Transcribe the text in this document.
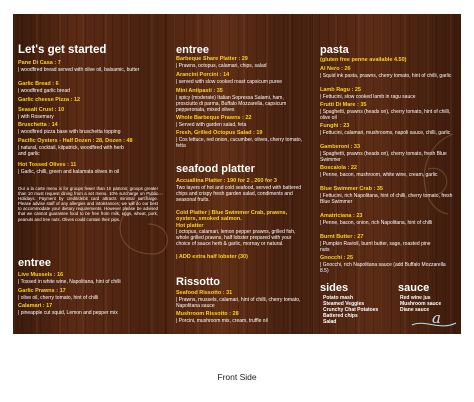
Let's get started
Pane Di Casa : 7
| woodfired bread served with olive oil, balsamic, butter
Garlic Bread : 6
| woodfired garlic bread
Garlic cheese Pizza : 12
Seasalt Crust : 10
| with Rosemary
Bruschetta : 14
| woodfired pizza base with bruschetta topping
Pacific Oysters - Half Dozen : 28, Dozen : 48
| natural, cocktail, kilpatrick, woodfired with herb and garlic
Hot Tossed Olives : 11
| Garlic, chilli, green and kalamata olives in oil
Our a la carte menu is for groups fewer than 10 patrons; groups greater than 10 must request dining from a set menu. 10% surcharge on Public Holidays. Payment by credit/debit card attracts minimal surcharge. Please advise staff of any allergies and intolerances; we will do our best to accommodate your dietary requirements. However please be advised that we cannot guarantee food to be free from milk, eggs, wheat, pork, peanuts and tree nuts. Olives could contain their pips.
entree
Live Mussels : 16
| Tossed in white wine, Napolitana, hint of chilli
Garlic Prawns : 17
| olive oil, cherry tomato, hint of chilli
Calamari : 17
| pineapple cut squid, Lemon and pepper mix
entree
Barbeque Share Platter : 29
| Prawns, octopus, calamari, chips, salad
Arancini Porcini : 14
| served with slow cooked roast capsicum puree
Mini Antipasti : 35
| spicy (moderate) Italian Sopressa Salami, ham, prosciutto di parma, Buffalo Mozzarella, capsicum pepperonata, mixed olives
Whole Barbeque Prawns : 22
| Served with garden salad, feta
Fresh, Grilled Octopus Salad : 19
| Cos lettuce, red onion, cucumber, olives, cherry tomato, fetta
seafood platter
Accuallina Platter : 190 for 2 , 260 for 3
Two layers of hot and cold seafood, served with battered chips and crispy fresh garden salad, condiments and seasonal fruits.
Cold Platter | Blue Swimmer Crab, prawns, oysters, smoked salmon.
Hot platter
| octopus, calamari, lemon pepper prawns, grilled fish, whole grilled prawns, half lobster prepared with your choice of sauce herb & garlic, mornay or natural.
| ADD extra half lobster (30)
Rissotto
Seafood Rissotto : 31
| Prawns, mussels, calamari, hint of chilli, cherry tomato, Napolitana sauce
Mushroom Rissotto : 28
| Porcini, mushroom mix, cream, truffle oil
pasta
(gluten free penne available 4.50)
Al Nero : 26
| Squid ink pasta, prawns, cherry tomato, hint of chilli, garlic
Lamb Ragu : 25
| Fettucini, slow cooked lamb in ragu sauce
Frutti Di Mare : 35
| Spaghetti, prawns (heads on), cherry tomato, hint of chilli, olive oil
Funghi : 23
| Fettucini, calamari, mushrooms, napoli sauce, chilli, garlic
Gamberoni : 33
| Spaghetti, prawns (heads on), cherry tomato, fresh Blue Swimmer
Boscaiola : 22
| Penne, bacon, mushroom, white wine, cream, garlic
Blue Swimmer Crab : 35
| Fettucini, rich Napolitana, hint of chilli, cherry tomato, fresh Blue Swimmer
Amatriciana : 23
| Penne, bacon, onion, rich Napolitana, hint of chilli
Burnt Butter : 27
| Pumpkin Ravioli, burnt butter, sage, roasted pine nuts
Gnocchi : 25
| Gnocchi, rich Napolitana sauce (add Buffalo Mozzarella 8.5)
sides
Potato mash
Steamed Veggies
Crunchy Chat Potatoes
Battered chips
Salad
sauce
Red wine jus
Mushroom sauce
Diane sauce a
Front Side
